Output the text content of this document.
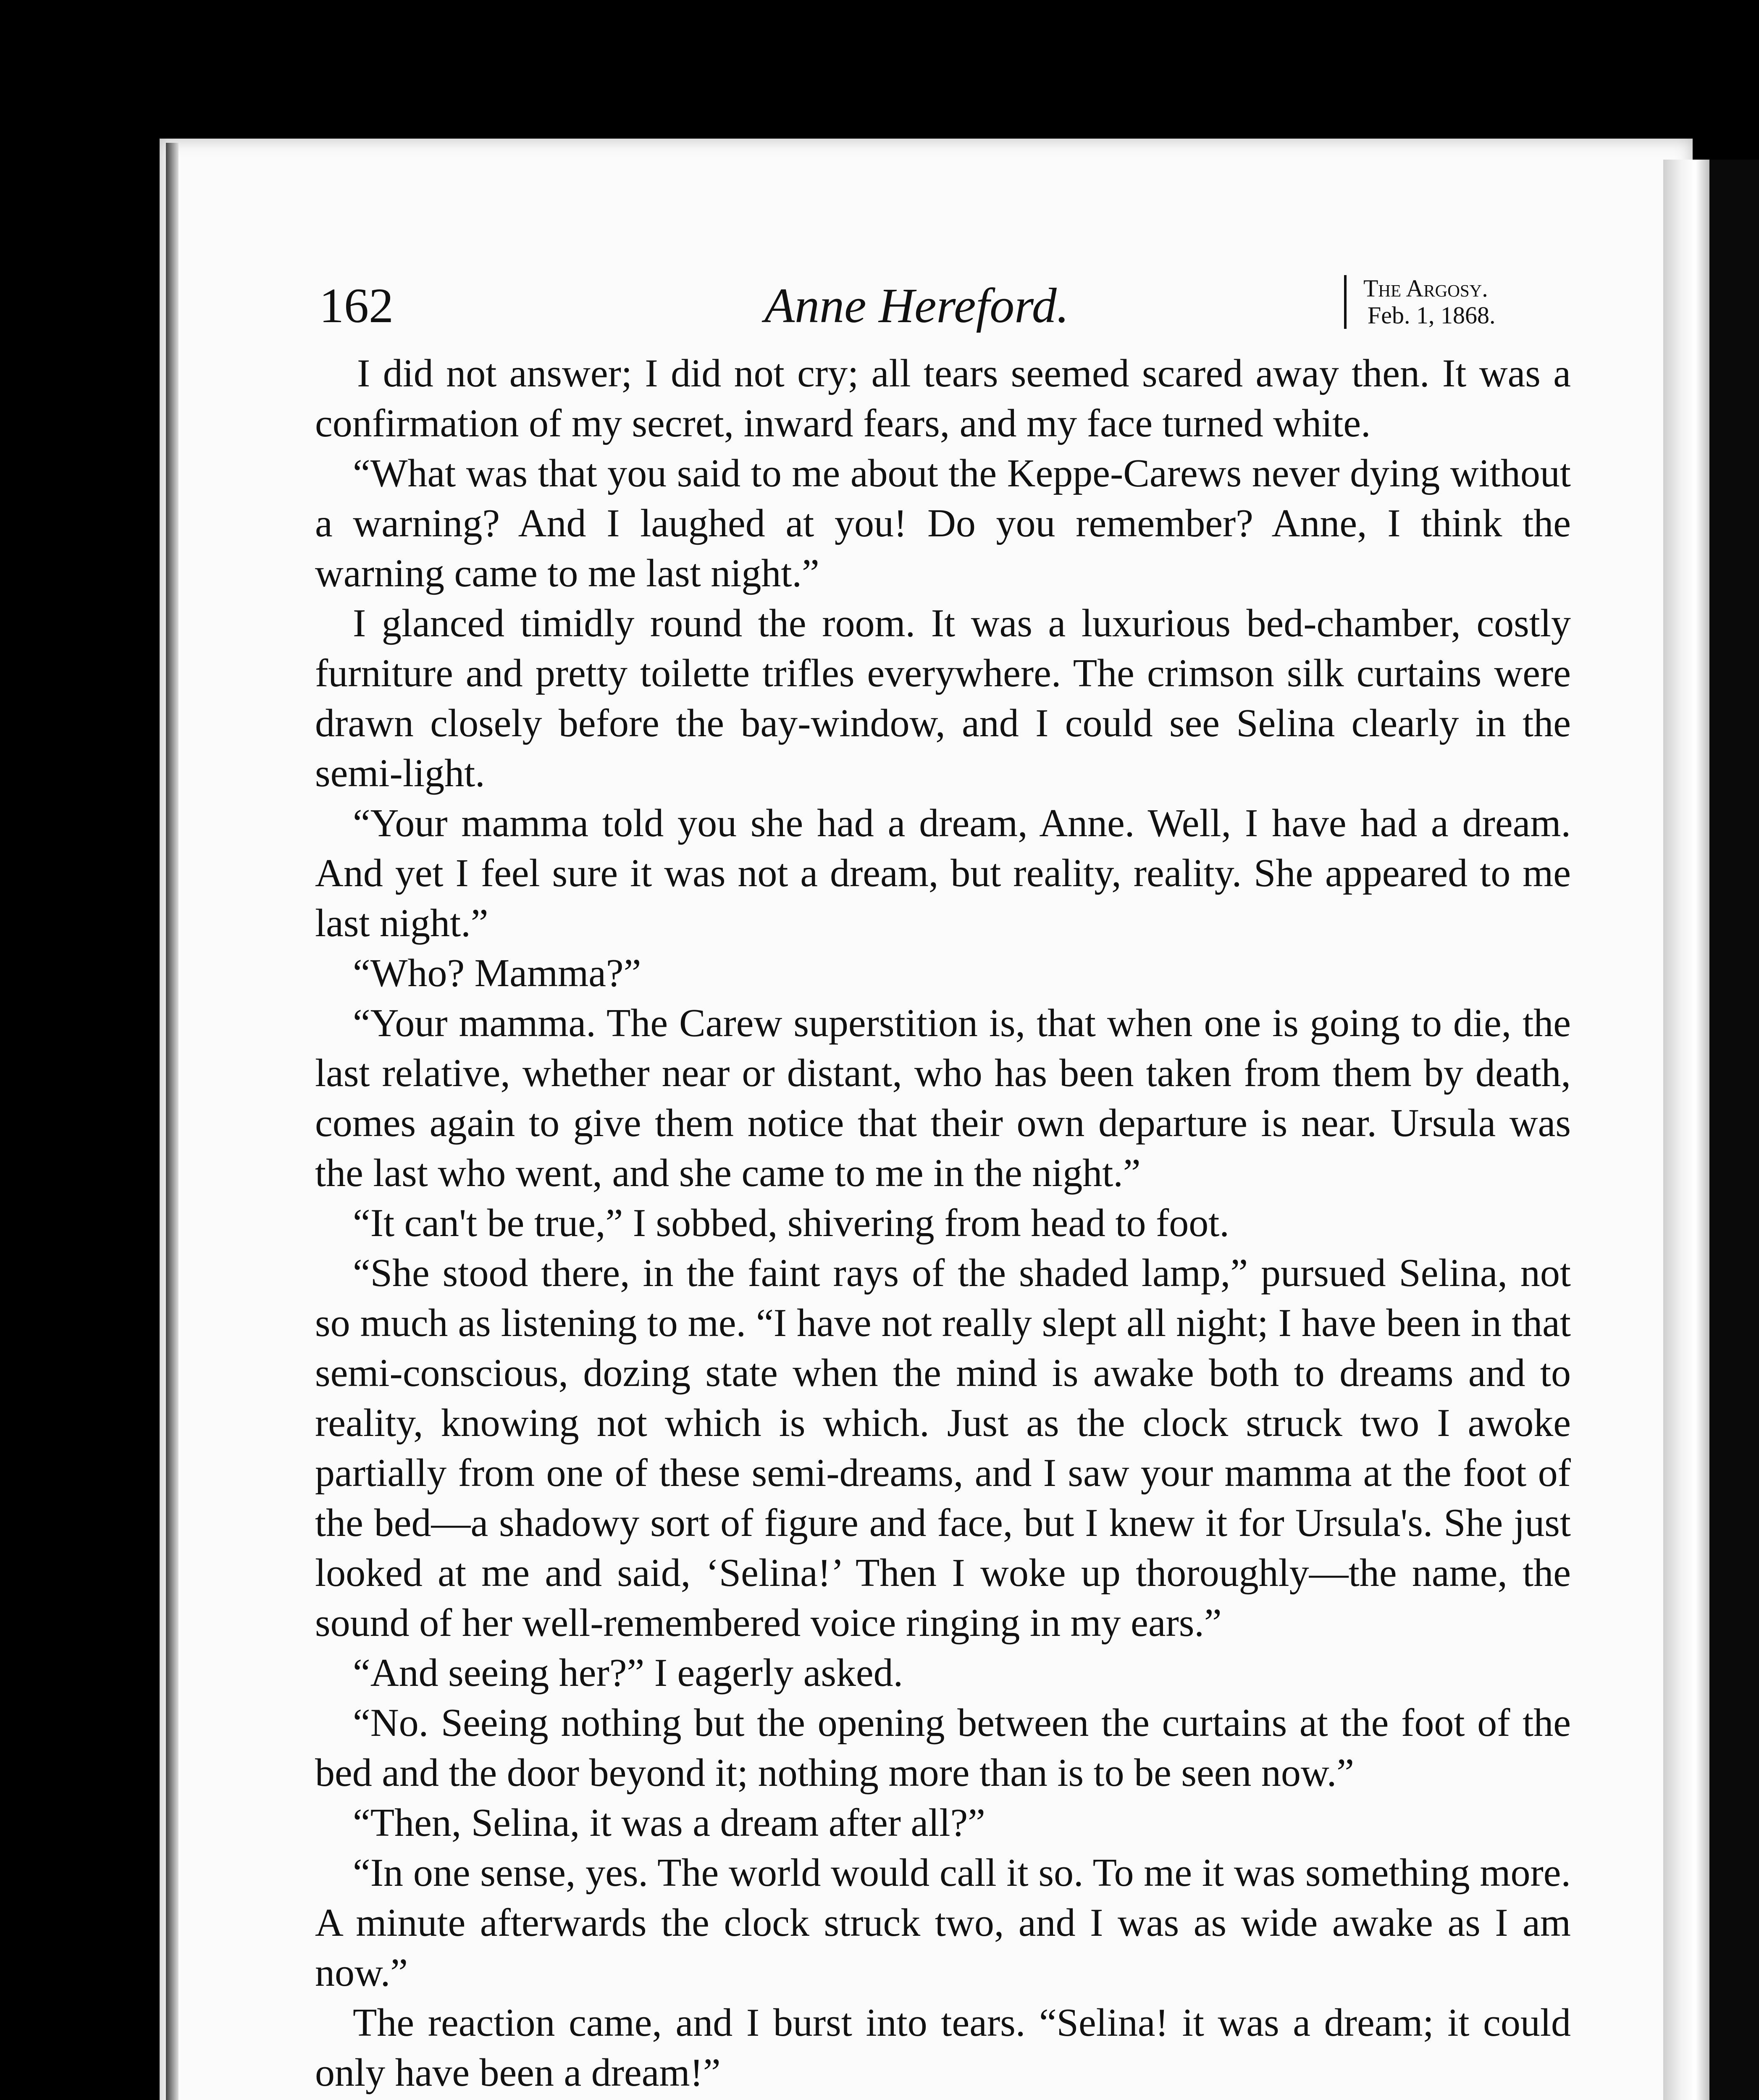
162	Anne Hereford.	The Argosy.
Feb. 1, 1868.

I did not answer; I did not cry; all tears seemed scared away then. It was a confirmation of my secret, inward fears, and my face turned white.

“What was that you said to me about the Keppe-Carews never dying without a warning? And I laughed at you! Do you remember? Anne, I think the warning came to me last night.”

I glanced timidly round the room. It was a luxurious bed-chamber, costly furniture and pretty toilette trifles everywhere. The crimson silk curtains were drawn closely before the bay-window, and I could see Selina clearly in the semi-light.

“Your mamma told you she had a dream, Anne. Well, I have had a dream. And yet I feel sure it was not a dream, but reality, reality. She appeared to me last night.”

“Who? Mamma?”

“Your mamma. The Carew superstition is, that when one is going to die, the last relative, whether near or distant, who has been taken from them by death, comes again to give them notice that their own departure is near. Ursula was the last who went, and she came to me in the night.”

“It can't be true,” I sobbed, shivering from head to foot.

“She stood there, in the faint rays of the shaded lamp,” pursued Selina, not so much as listening to me. “I have not really slept all night; I have been in that semi-conscious, dozing state when the mind is awake both to dreams and to reality, knowing not which is which. Just as the clock struck two I awoke partially from one of these semi-dreams, and I saw your mamma at the foot of the bed—a shadowy sort of figure and face, but I knew it for Ursula's. She just looked at me and said, ‘Selina!’ Then I woke up thoroughly—the name, the sound of her well-remembered voice ringing in my ears.”

“And seeing her?” I eagerly asked.

“No. Seeing nothing but the opening between the curtains at the foot of the bed and the door beyond it; nothing more than is to be seen now.”

“Then, Selina, it was a dream after all?”

“In one sense, yes. The world would call it so. To me it was something more. A minute afterwards the clock struck two, and I was as wide awake as I am now.”

The reaction came, and I burst into tears. “Selina! it was a dream; it could only have been a dream!”
